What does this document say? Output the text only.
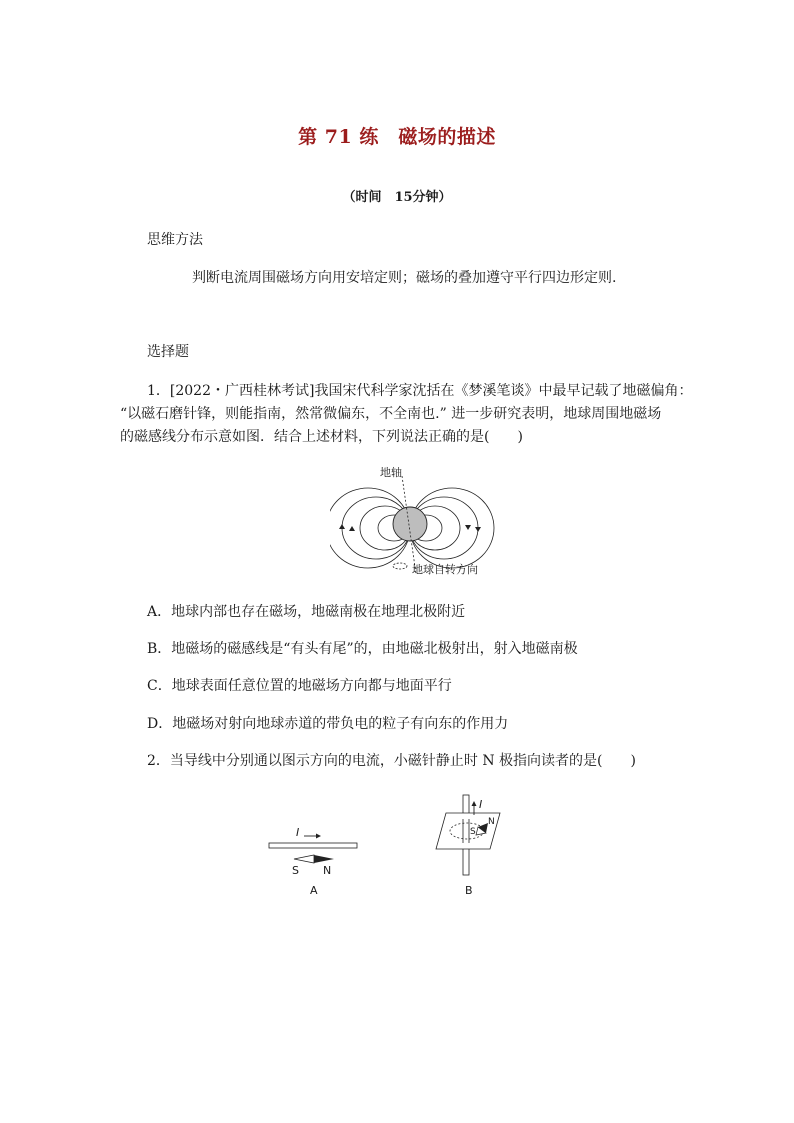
第 71 练　磁场的描述
（时间　15分钟）
思维方法
判断电流周围磁场方向用安培定则；磁场的叠加遵守平行四边形定则.
选择题
1．[2022・广西桂林考试]我国宋代科学家沈括在《梦溪笔谈》中最早记载了地磁偏角：
“以磁石磨针锋，则能指南，然常微偏东，不全南也.” 进一步研究表明，地球周围地磁场
的磁感线分布示意如图．结合上述材料，下列说法正确的是(　　)
地轴
地球自转方向
A．地球内部也存在磁场，地磁南极在地理北极附近
B．地磁场的磁感线是“有头有尾”的，由地磁北极射出，射入地磁南极
C．地球表面任意位置的地磁场方向都与地面平行
D．地磁场对射向地球赤道的带负电的粒子有向东的作用力
2．当导线中分别通以图示方向的电流，小磁针静止时 N 极指向读者的是(　　)
I
S N
A
I
S
N
B
